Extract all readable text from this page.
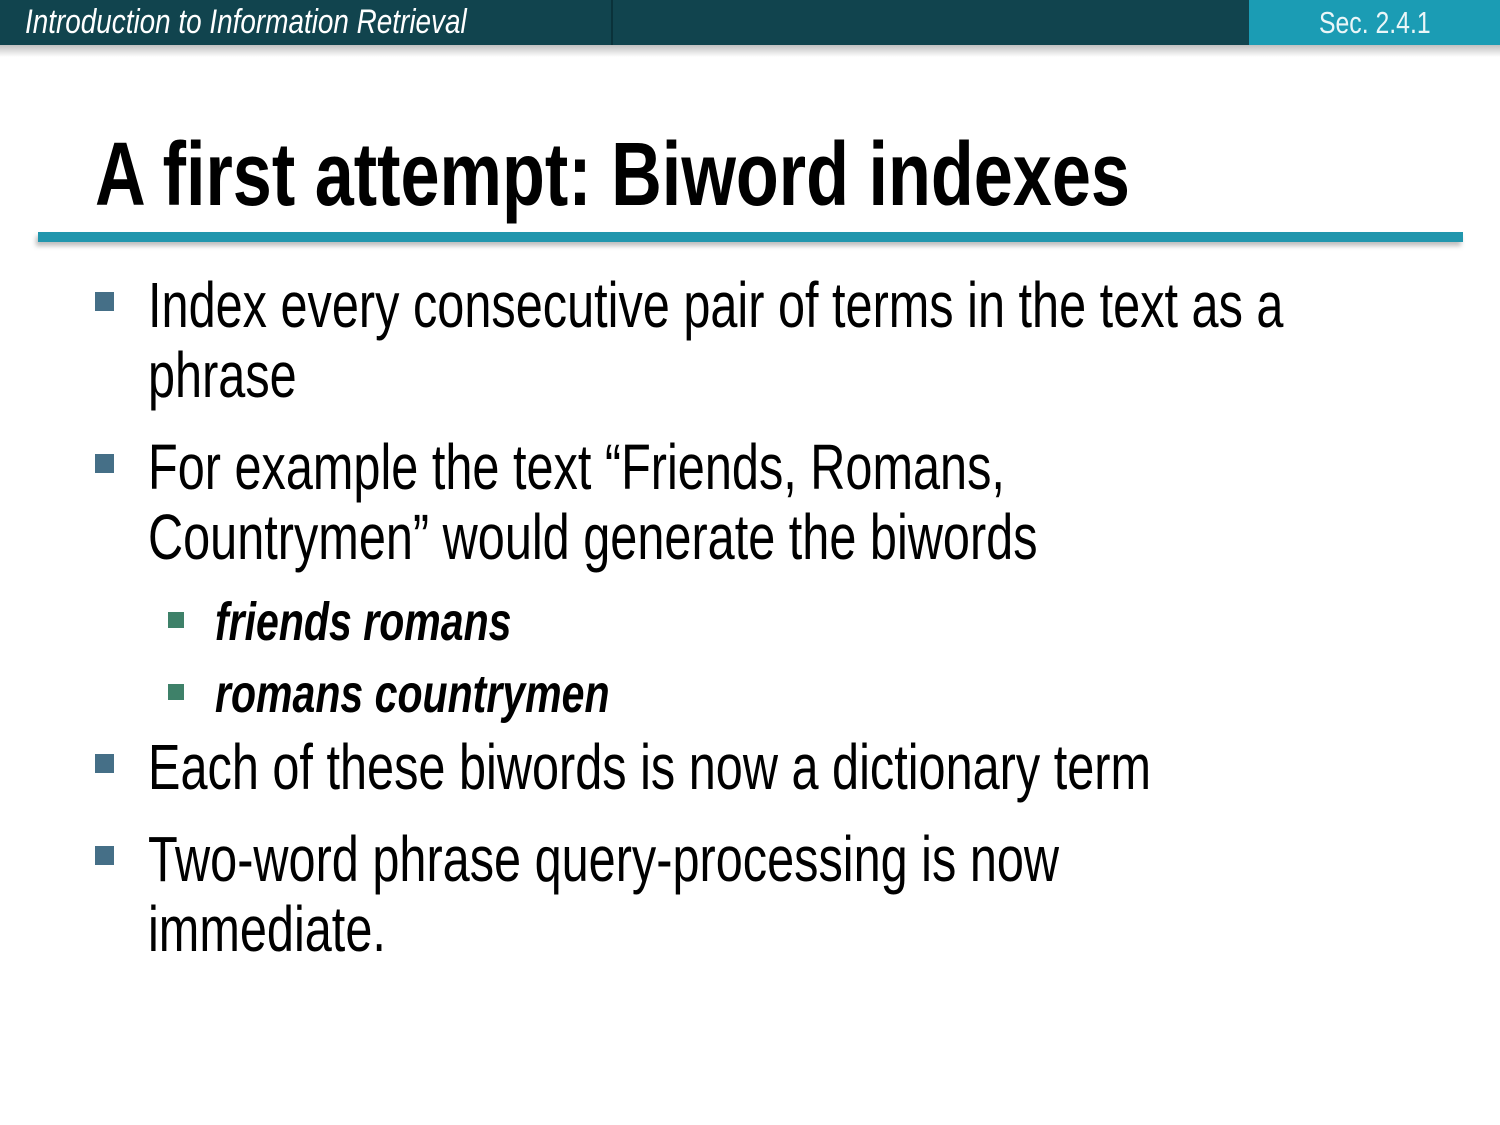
Introduction to Information Retrieval	Sec. 2.4.1
A first attempt: Biword indexes
Index every consecutive pair of terms in the text as a
phrase
For example the text “Friends, Romans,
Countrymen” would generate the biwords
friends romans
romans countrymen
Each of these biwords is now a dictionary term
Two-word phrase query-processing is now
immediate.
